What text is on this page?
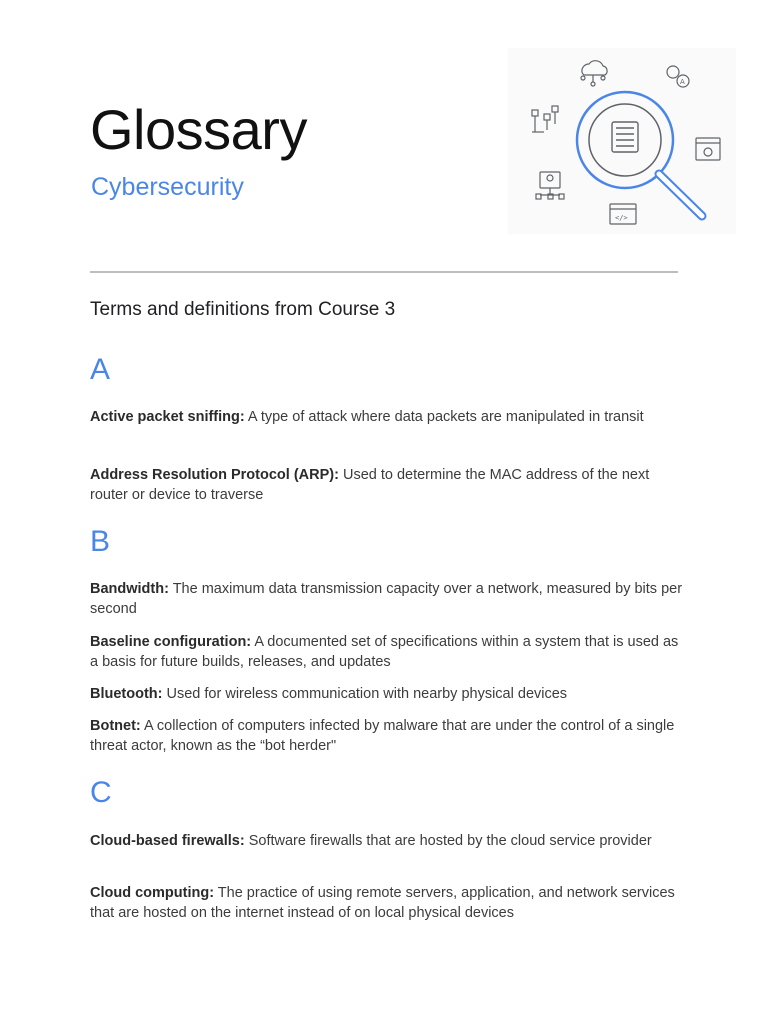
Glossary
Cybersecurity
A
</>
Terms and definitions from Course 3
A
Active packet sniffing: A type of attack where data packets are manipulated in transit
Address Resolution Protocol (ARP): Used to determine the MAC address of the next router or device to traverse
B
Bandwidth: The maximum data transmission capacity over a network, measured by bits per second
Baseline configuration: A documented set of specifications within a system that is used as a basis for future builds, releases, and updates
Bluetooth: Used for wireless communication with nearby physical devices
Botnet: A collection of computers infected by malware that are under the control of a single threat actor, known as the “bot herder"
C
Cloud-based firewalls: Software firewalls that are hosted by the cloud service provider
Cloud computing: The practice of using remote servers, application, and network services that are hosted on the internet instead of on local physical devices
